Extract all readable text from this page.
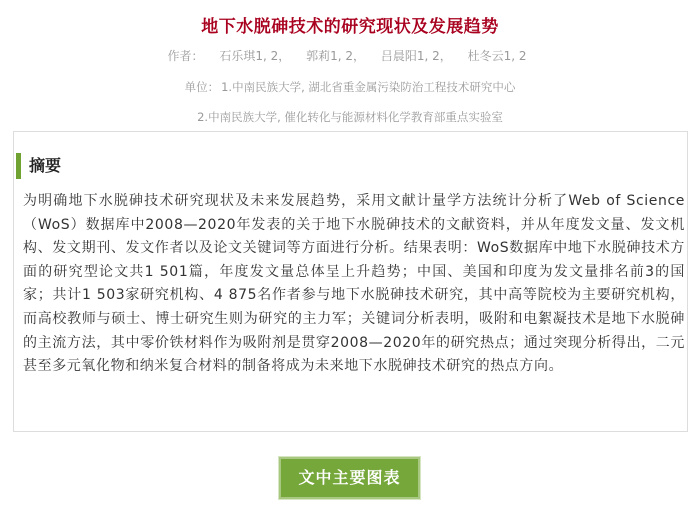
地下水脱砷技术的研究现状及发展趋势
作者： 石乐琪1, 2， 郭莉1, 2， 吕晨阳1, 2， 杜冬云1, 2
单位： 1.中南民族大学, 湖北省重金属污染防治工程技术研究中心
2.中南民族大学, 催化转化与能源材料化学教育部重点实验室
摘要

为明确地下水脱砷技术研究现状及未来发展趋势，采用文献计量学方法统计分析了Web of Science（WoS）数据库中2008—2020年发表的关于地下水脱砷技术的文献资料，并从年度发文量、发文机构、发文期刊、发文作者以及论文关键词等方面进行分析。结果表明：WoS数据库中地下水脱砷技术方面的研究型论文共1 501篇，年度发文量总体呈上升趋势；中国、美国和印度为发文量排名前3的国家；共计1 503家研究机构、4 875名作者参与地下水脱砷技术研究，其中高等院校为主要研究机构，而高校教师与硕士、博士研究生则为研究的主力军；关键词分析表明，吸附和电絮凝技术是地下水脱砷的主流方法，其中零价铁材料作为吸附剂是贯穿2008—2020年的研究热点；通过突现分析得出，二元甚至多元氧化物和纳米复合材料的制备将成为未来地下水脱砷技术研究的热点方向。

文中主要图表
